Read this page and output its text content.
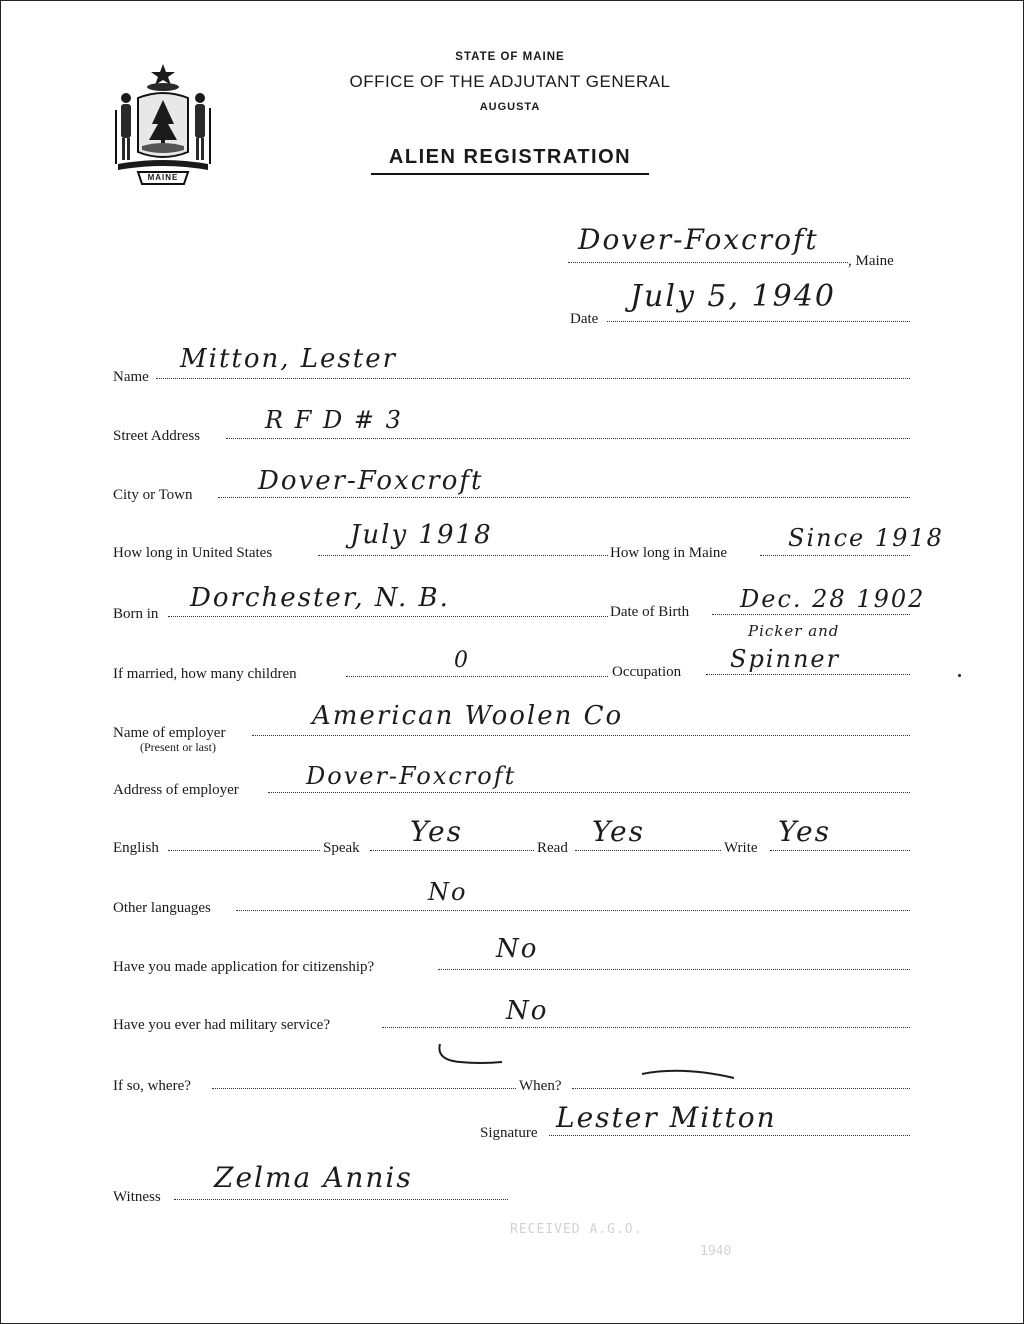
MAINE
STATE OF MAINE
OFFICE OF THE ADJUTANT GENERAL
AUGUSTA
ALIEN REGISTRATION
Dover-Foxcroft
, Maine
Date
July 5, 1940
Name
Mitton, Lester
Street Address
R F D # 3
City or Town	Dover-Foxcroft
How long in United States
July 1918
How long in Maine
Since 1918
Born in
Dorchester, N. B.	Date of Birth Dec. 28 1902
If married, how many children
0	Occupation
Picker and
Spinner
Name of employer
(Present or last)
American Woolen Co
Address of employer	Dover-Foxcroft
English	Speak Yes	Read Yes	Write Yes
Other languages
No
Have you made application for citizenship?
No
Have you ever had military service?	No
If so, where?	When?
Signature Lester Mitton
Witness
Zelma Annis
RECEIVED A.G.O.
1940
